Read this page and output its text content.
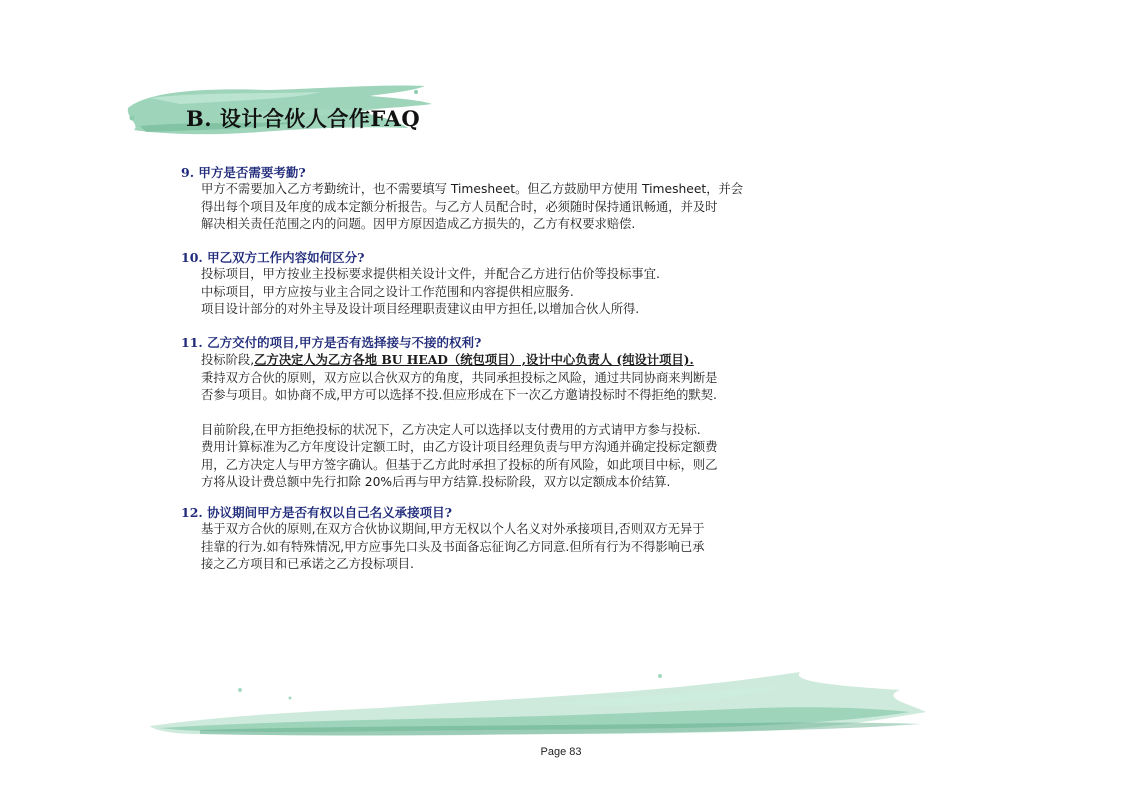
B. 设计合伙人合作FAQ
9. 甲方是否需要考勤?

甲方不需要加入乙方考勤统计，也不需要填写 Timesheet。但乙方鼓励甲方使用 Timesheet，并会

得出每个项目及年度的成本定额分析报告。与乙方人员配合时，必须随时保持通讯畅通，并及时

解决相关责任范围之内的问题。因甲方原因造成乙方损失的，乙方有权要求赔偿.

10. 甲乙双方工作内容如何区分?

投标项目，甲方按业主投标要求提供相关设计文件，并配合乙方进行估价等投标事宜.

中标项目，甲方应按与业主合同之设计工作范围和内容提供相应服务.

项目设计部分的对外主导及设计项目经理职责建议由甲方担任,以增加合伙人所得.

11. 乙方交付的项目,甲方是否有选择接与不接的权利?

投标阶段,乙方决定人为乙方各地 BU HEAD（统包项目）,设计中心负责人 (纯设计项目).

秉持双方合伙的原则，双方应以合伙双方的角度，共同承担投标之风险，通过共同协商来判断是

否参与项目。如协商不成,甲方可以选择不投.但应形成在下一次乙方邀请投标时不得拒绝的默契.

目前阶段,在甲方拒绝投标的状况下，乙方决定人可以选择以支付费用的方式请甲方参与投标.

费用计算标准为乙方年度设计定额工时，由乙方设计项目经理负责与甲方沟通并确定投标定额费

用，乙方决定人与甲方签字确认。但基于乙方此时承担了投标的所有风险，如此项目中标，则乙

方将从设计费总额中先行扣除 20%后再与甲方结算.投标阶段，双方以定额成本价结算.

12. 协议期间甲方是否有权以自己名义承接项目?

基于双方合伙的原则,在双方合伙协议期间,甲方无权以个人名义对外承接项目,否则双方无异于

挂靠的行为.如有特殊情况,甲方应事先口头及书面备忘征询乙方同意.但所有行为不得影响已承

接之乙方项目和已承诺之乙方投标项目.

Page 83
